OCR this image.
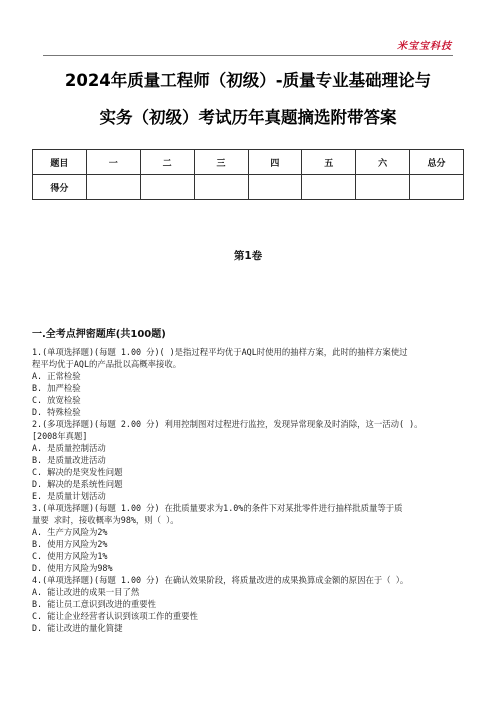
米宝宝科技
2024年质量工程师（初级）-质量专业基础理论与
实务（初级）考试历年真题摘选附带答案
题目	一	二	三	四	五	六	总分
得分							
第1卷
一.全考点押密题库(共100题)

1.(单项选择题)(每题 1.00 分)( )是指过程平均优于AQL时使用的抽样方案，此时的抽样方案使过

程平均优于AQL的产品批以高概率接收。

A. 正常检验

B. 加严检验

C. 放宽检验

D. 特殊检验

2.(多项选择题)(每题 2.00 分) 利用控制图对过程进行监控，发现异常现象及时消除，这一活动( )。

[2008年真题]

A. 是质量控制活动

B. 是质量改进活动

C. 解决的是突发性问题

D. 解决的是系统性问题

E. 是质量计划活动

3.(单项选择题)(每题 1.00 分) 在批质量要求为1.0%的条件下对某批零件进行抽样批质量等于质

量要 求时，接收概率为98%，则（ ）。

A. 生产方风险为2%

B. 使用方风险为2%

C. 使用方风险为1%

D. 使用方风险为98%

4.(单项选择题)(每题 1.00 分) 在确认效果阶段，将质量改进的成果换算成金额的原因在于（ ）。

A. 能让改进的成果一目了然

B. 能让员工意识到改进的重要性

C. 能让企业经营者认识到该项工作的重要性

D. 能让改进的量化简捷
